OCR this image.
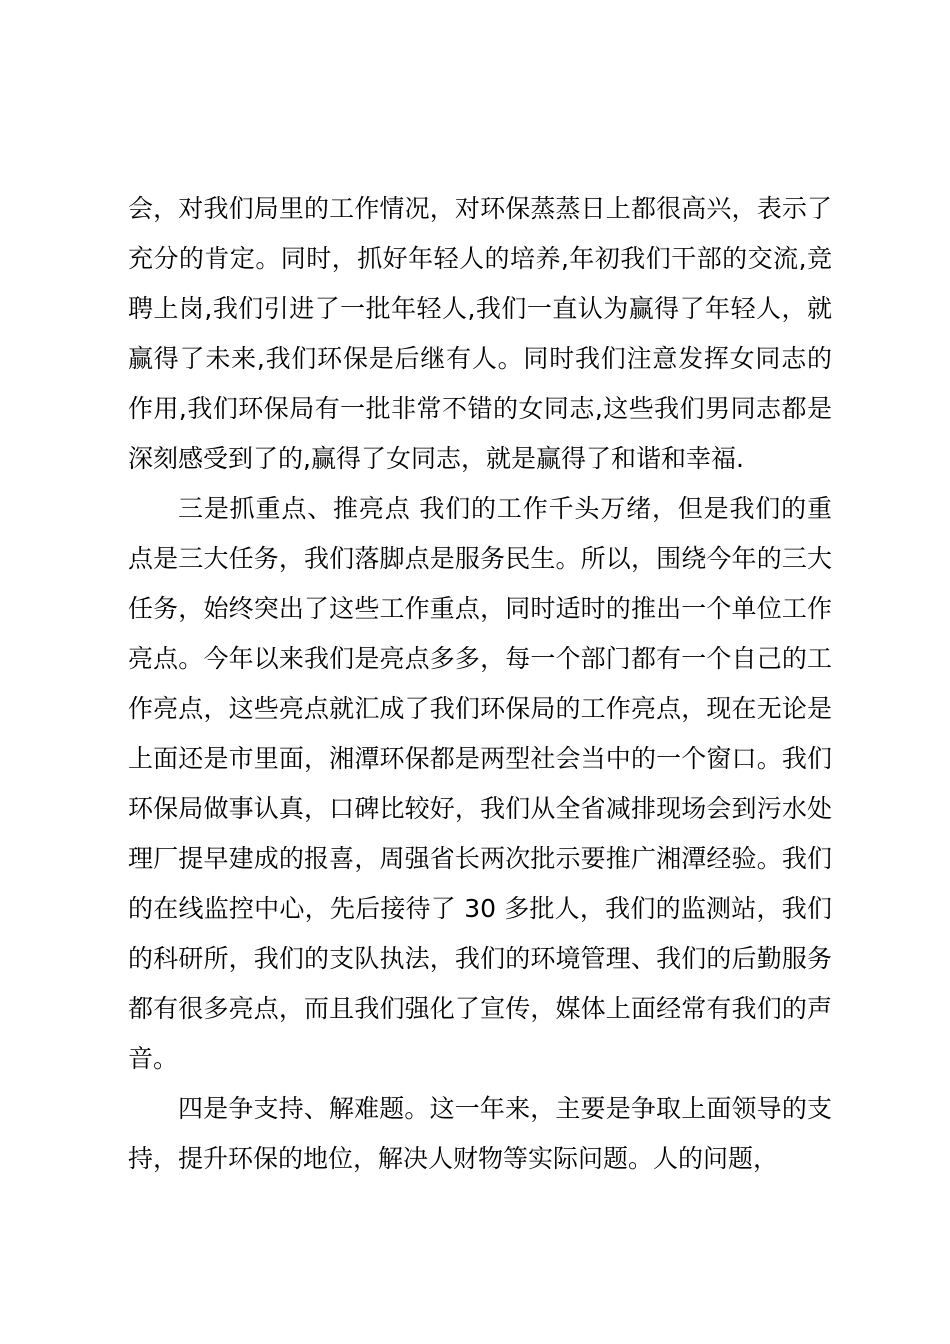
会，对我们局里的工作情况，对环保蒸蒸日上都很高兴，表示了充分的肯定。同时，抓好年轻人的培养,年初我们干部的交流,竞聘上岗,我们引进了一批年轻人,我们一直认为赢得了年轻人，就赢得了未来,我们环保是后继有人。同时我们注意发挥女同志的作用,我们环保局有一批非常不错的女同志,这些我们男同志都是深刻感受到了的,赢得了女同志，就是赢得了和谐和幸福.

三是抓重点、推亮点 我们的工作千头万绪，但是我们的重点是三大任务，我们落脚点是服务民生。所以，围绕今年的三大任务，始终突出了这些工作重点，同时适时的推出一个单位工作亮点。今年以来我们是亮点多多，每一个部门都有一个自己的工作亮点，这些亮点就汇成了我们环保局的工作亮点，现在无论是上面还是市里面，湘潭环保都是两型社会当中的一个窗口。我们环保局做事认真，口碑比较好，我们从全省减排现场会到污水处理厂提早建成的报喜，周强省长两次批示要推广湘潭经验。我们的在线监控中心，先后接待了 30 多批人，我们的监测站，我们的科研所，我们的支队执法，我们的环境管理、我们的后勤服务都有很多亮点，而且我们强化了宣传，媒体上面经常有我们的声音。

四是争支持、解难题。这一年来，主要是争取上面领导的支持，提升环保的地位，解决人财物等实际问题。人的问题，
